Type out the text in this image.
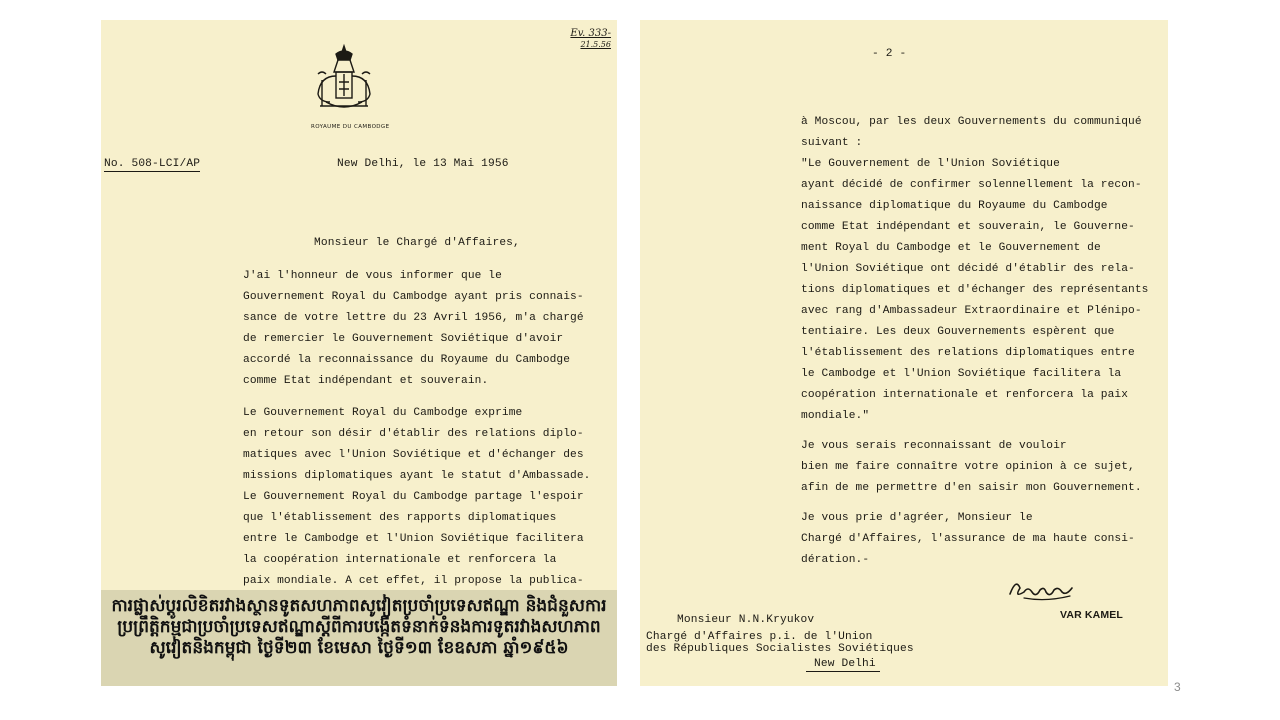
ROYAUME DU CAMBODGE
Ev. 333-
21.5.56
No. 508-LCI/AP	New Delhi, le 13 Mai 1956
Monsieur le Chargé d'Affaires,
J'ai l'honneur de vous informer que le
Gouvernement Royal du Cambodge ayant pris connais-
sance de votre lettre du 23 Avril 1956, m'a chargé
de remercier le Gouvernement Soviétique d'avoir
accordé la reconnaissance du Royaume du Cambodge
comme Etat indépendant et souverain.
Le Gouvernement Royal du Cambodge exprime
en retour son désir d'établir des relations diplo-
matiques avec l'Union Soviétique et d'échanger des
missions diplomatiques ayant le statut d'Ambassade.
Le Gouvernement Royal du Cambodge partage l'espoir
que l'établissement des rapports diplomatiques
entre le Cambodge et l'Union Soviétique facilitera
la coopération internationale et renforcera la
paix mondiale. A cet effet, il propose la publica-
ការផ្លាស់ប្តូរលិខិតរវាងស្ថានទូតសហភាពសូវៀតប្រចាំប្រទេសឥណ្ឌា និងជំនួសការប្រព្រឹត្តិកម្មជាប្រចាំប្រទេសឥណ្ឌាស្តីពីការបង្កើតទំនាក់ទំនងការទូតរវាងសហភាពសូវៀតនិងកម្ពុជា ថ្ងៃទី២៣ ខែមេសា ថ្ងៃទី១៣ ខែឧសភា ឆ្នាំ១៩៥៦
- 2 -
à Moscou, par les deux Gouvernements du communiqué
suivant :
"Le Gouvernement de l'Union Soviétique
ayant décidé de confirmer solennellement la recon-
naissance diplomatique du Royaume du Cambodge
comme Etat indépendant et souverain, le Gouverne-
ment Royal du Cambodge et le Gouvernement de
l'Union Soviétique ont décidé d'établir des rela-
tions diplomatiques et d'échanger des représentants
avec rang d'Ambassadeur Extraordinaire et Plénipo-
tentiaire. Les deux Gouvernements espèrent que
l'établissement des relations diplomatiques entre
le Cambodge et l'Union Soviétique facilitera la
coopération internationale et renforcera la paix
mondiale."
Je vous serais reconnaissant de vouloir
bien me faire connaître votre opinion à ce sujet,
afin de me permettre d'en saisir mon Gouvernement.
Je vous prie d'agréer, Monsieur le
Chargé d'Affaires, l'assurance de ma haute consi-
dération.-
VAR KAMEL
Monsieur N.N.Kryukov
Chargé d'Affaires p.i. de l'Union
des Républiques Socialistes Soviétiques
New Delhi
3
